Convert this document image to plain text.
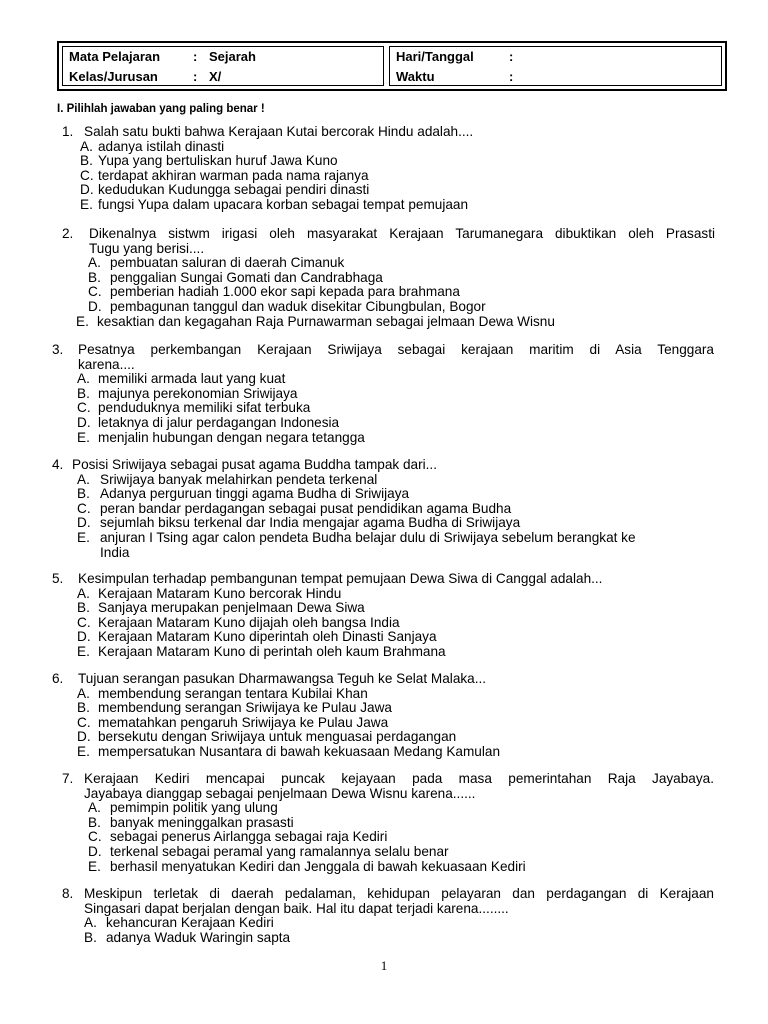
Mata Pelajaran	: Sejarah
Kelas/Jurusan	: X/
Hari/Tanggal	:
Waktu	:
I. Pilihlah jawaban yang paling benar !
1. Salah satu bukti bahwa Kerajaan Kutai bercorak Hindu adalah....
A. adanya istilah dinasti
B. Yupa yang bertuliskan huruf Jawa Kuno
C. terdapat akhiran warman pada nama rajanya
D. kedudukan Kudungga sebagai pendiri dinasti
E. fungsi Yupa dalam upacara korban sebagai tempat pemujaan
2. Dikenalnya sistwm irigasi oleh masyarakat Kerajaan Tarumanegara dibuktikan oleh Prasasti
Tugu yang berisi....
A. pembuatan saluran di daerah Cimanuk
B. penggalian Sungai Gomati dan Candrabhaga
C. pemberian hadiah 1.000 ekor sapi kepada para brahmana
D. pembagunan tanggul dan waduk disekitar Cibungbulan, Bogor
E. kesaktian dan kegagahan Raja Purnawarman sebagai jelmaan Dewa Wisnu
3. Pesatnya perkembangan Kerajaan Sriwijaya sebagai kerajaan maritim di Asia Tenggara
karena....
A. memiliki armada laut yang kuat
B. majunya perekonomian Sriwijaya
C. penduduknya memiliki sifat terbuka
D. letaknya di jalur perdagangan Indonesia
E. menjalin hubungan dengan negara tetangga
4. Posisi Sriwijaya sebagai pusat agama Buddha tampak dari...
A. Sriwijaya banyak melahirkan pendeta terkenal
B. Adanya perguruan tinggi agama Budha di Sriwijaya
C. peran bandar perdagangan sebagai pusat pendidikan agama Budha
D. sejumlah biksu terkenal dar India mengajar agama Budha di Sriwijaya
E. anjuran I Tsing agar calon pendeta Budha belajar dulu di Sriwijaya sebelum berangkat ke
India
5. Kesimpulan terhadap pembangunan tempat pemujaan Dewa Siwa di Canggal adalah...
A. Kerajaan Mataram Kuno bercorak Hindu
B. Sanjaya merupakan penjelmaan Dewa Siwa
C. Kerajaan Mataram Kuno dijajah oleh bangsa India
D. Kerajaan Mataram Kuno diperintah oleh Dinasti Sanjaya
E. Kerajaan Mataram Kuno di perintah oleh kaum Brahmana
6. Tujuan serangan pasukan Dharmawangsa Teguh ke Selat Malaka...
A. membendung serangan tentara Kubilai Khan
B. membendung serangan Sriwijaya ke Pulau Jawa
C. mematahkan pengaruh Sriwijaya ke Pulau Jawa
D. bersekutu dengan Sriwijaya untuk menguasai perdagangan
E. mempersatukan Nusantara di bawah kekuasaan Medang Kamulan
7. Kerajaan Kediri mencapai puncak kejayaan pada masa pemerintahan Raja Jayabaya.
Jayabaya dianggap sebagai penjelmaan Dewa Wisnu karena......
A. pemimpin politik yang ulung
B. banyak meninggalkan prasasti
C. sebagai penerus Airlangga sebagai raja Kediri
D. terkenal sebagai peramal yang ramalannya selalu benar
E. berhasil menyatukan Kediri dan Jenggala di bawah kekuasaan Kediri
8. Meskipun terletak di daerah pedalaman, kehidupan pelayaran dan perdagangan di Kerajaan
Singasari dapat berjalan dengan baik. Hal itu dapat terjadi karena........
A. kehancuran Kerajaan Kediri
B. adanya Waduk Waringin sapta
1
